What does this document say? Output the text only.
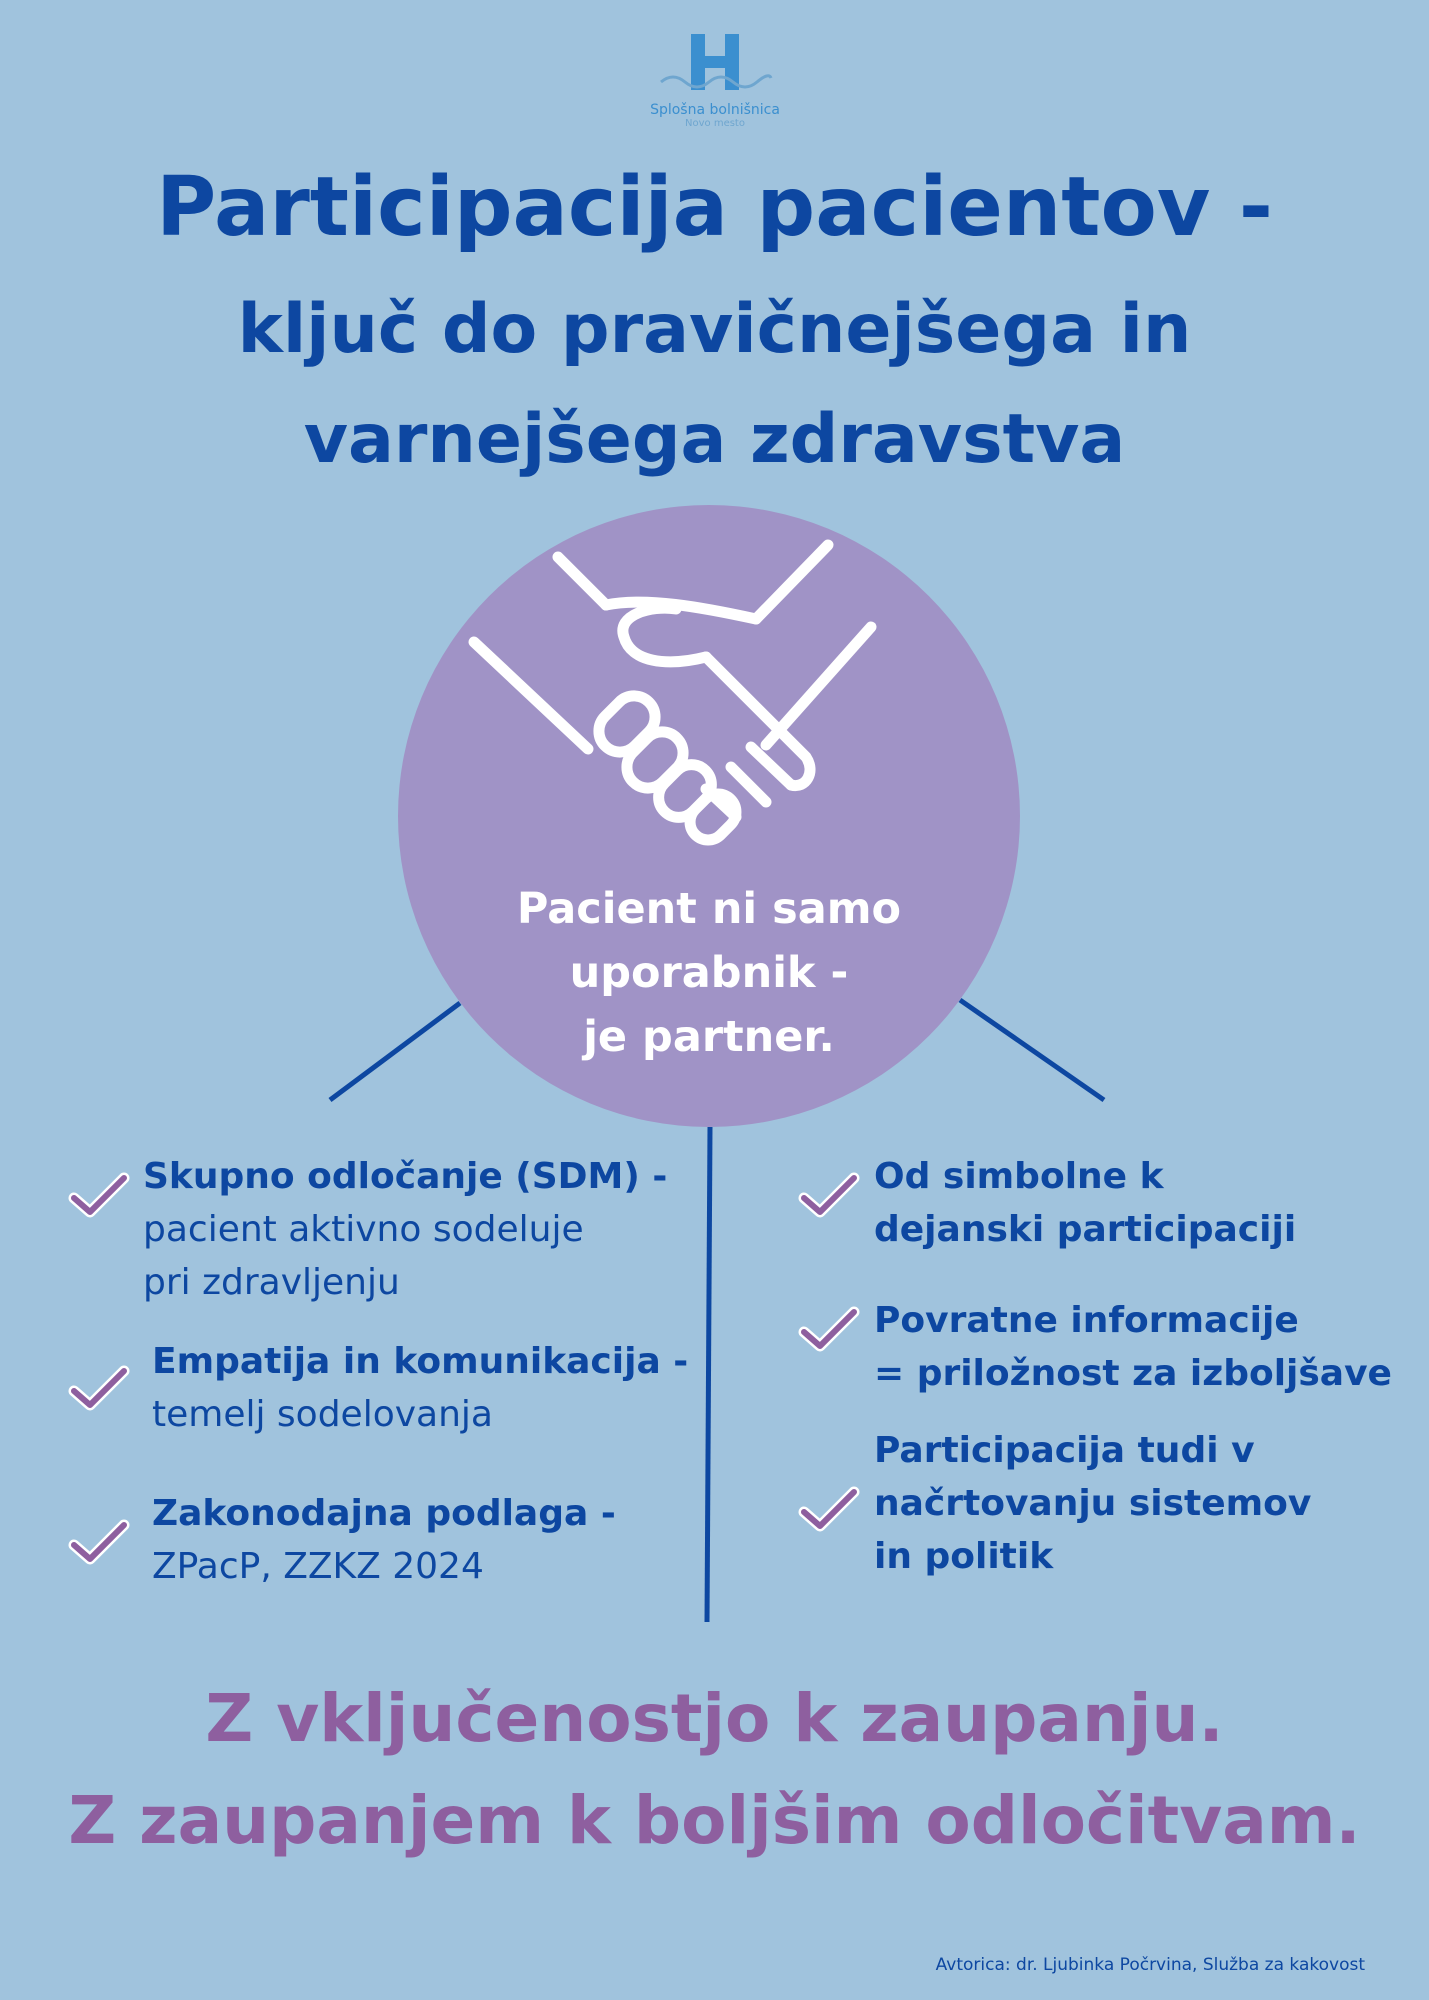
Splošna bolnišnica
Novo mesto
Participacija pacientov -
ključ do pravičnejšega in
varnejšega zdravstva
Pacient ni samo
uporabnik -
je partner.
Skupno odločanje (SDM) -
pacient aktivno sodeluje
pri zdravljenju
Empatija in komunikacija -
temelj sodelovanja
Zakonodajna podlaga -
ZPacP, ZZKZ 2024
Od simbolne k
dejanski participaciji
Povratne informacije
= priložnost za izboljšave
Participacija tudi v
načrtovanju sistemov
in politik
Z vključenostjo k zaupanju.
Z zaupanjem k boljšim odločitvam.
Avtorica: dr. Ljubinka Počrvina, Služba za kakovost
